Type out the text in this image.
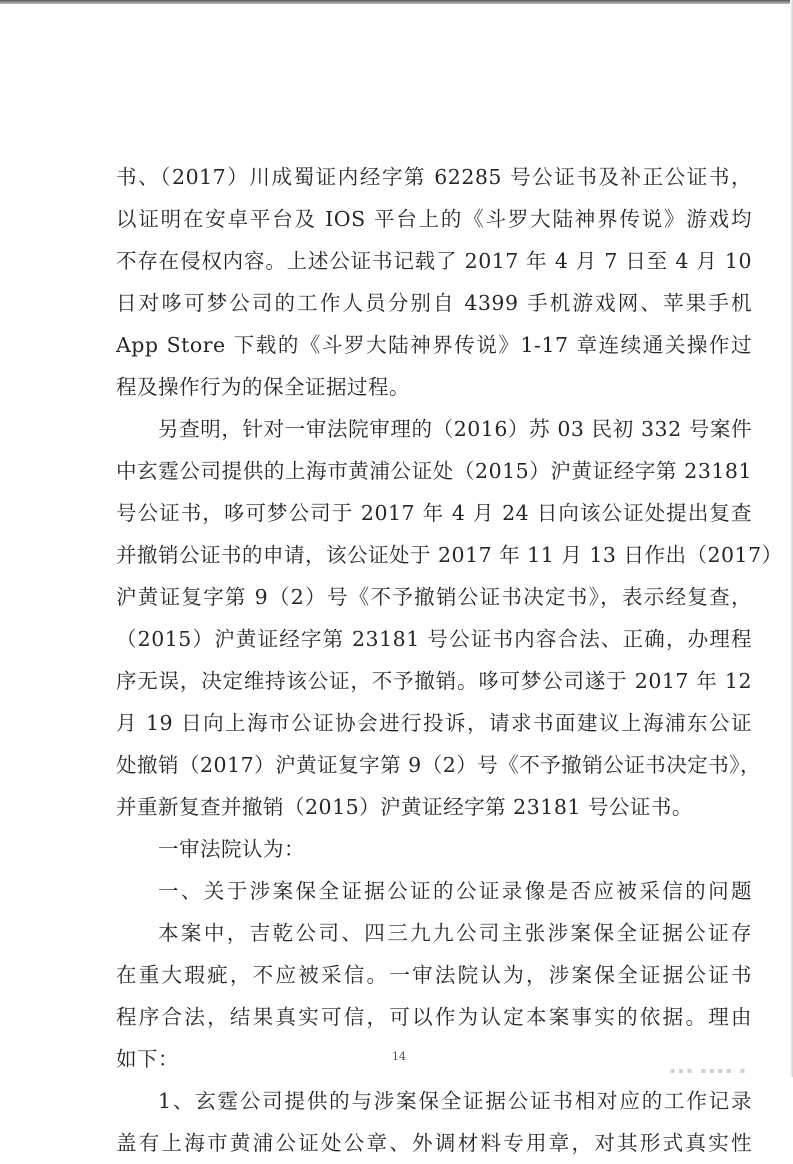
书、（2017）川成蜀证内经字第 62285 号公证书及补正公证书，
以证明在安卓平台及 IOS 平台上的《斗罗大陆神界传说》游戏均
不存在侵权内容。上述公证书记载了 2017 年 4 月 7 日至 4 月 10
日对哆可梦公司的工作人员分别自 4399 手机游戏网、苹果手机
App Store 下载的《斗罗大陆神界传说》1-17 章连续通关操作过
程及操作行为的保全证据过程。
另查明，针对一审法院审理的（2016）苏 03 民初 332 号案件
中玄霆公司提供的上海市黄浦公证处（2015）沪黄证经字第 23181
号公证书，哆可梦公司于 2017 年 4 月 24 日向该公证处提出复查
并撤销公证书的申请，该公证处于 2017 年 11 月 13 日作出（2017）
沪黄证复字第 9（2）号《不予撤销公证书决定书》，表示经复查，
（2015）沪黄证经字第 23181 号公证书内容合法、正确，办理程
序无误，决定维持该公证，不予撤销。哆可梦公司遂于 2017 年 12
月 19 日向上海市公证协会进行投诉，请求书面建议上海浦东公证
处撤销（2017）沪黄证复字第 9（2）号《不予撤销公证书决定书》，
并重新复查并撤销（2015）沪黄证经字第 23181 号公证书。
一审法院认为：
一、关于涉案保全证据公证的公证录像是否应被采信的问题
本案中，吉乾公司、四三九九公司主张涉案保全证据公证存
在重大瑕疵，不应被采信。一审法院认为，涉案保全证据公证书
程序合法，结果真实可信，可以作为认定本案事实的依据。理由
如下：
1、玄霆公司提供的与涉案保全证据公证书相对应的工作记录
盖有上海市黄浦公证处公章、外调材料专用章，对其形式真实性
14
▪▪▪ ▪▪▪▪ ▪
